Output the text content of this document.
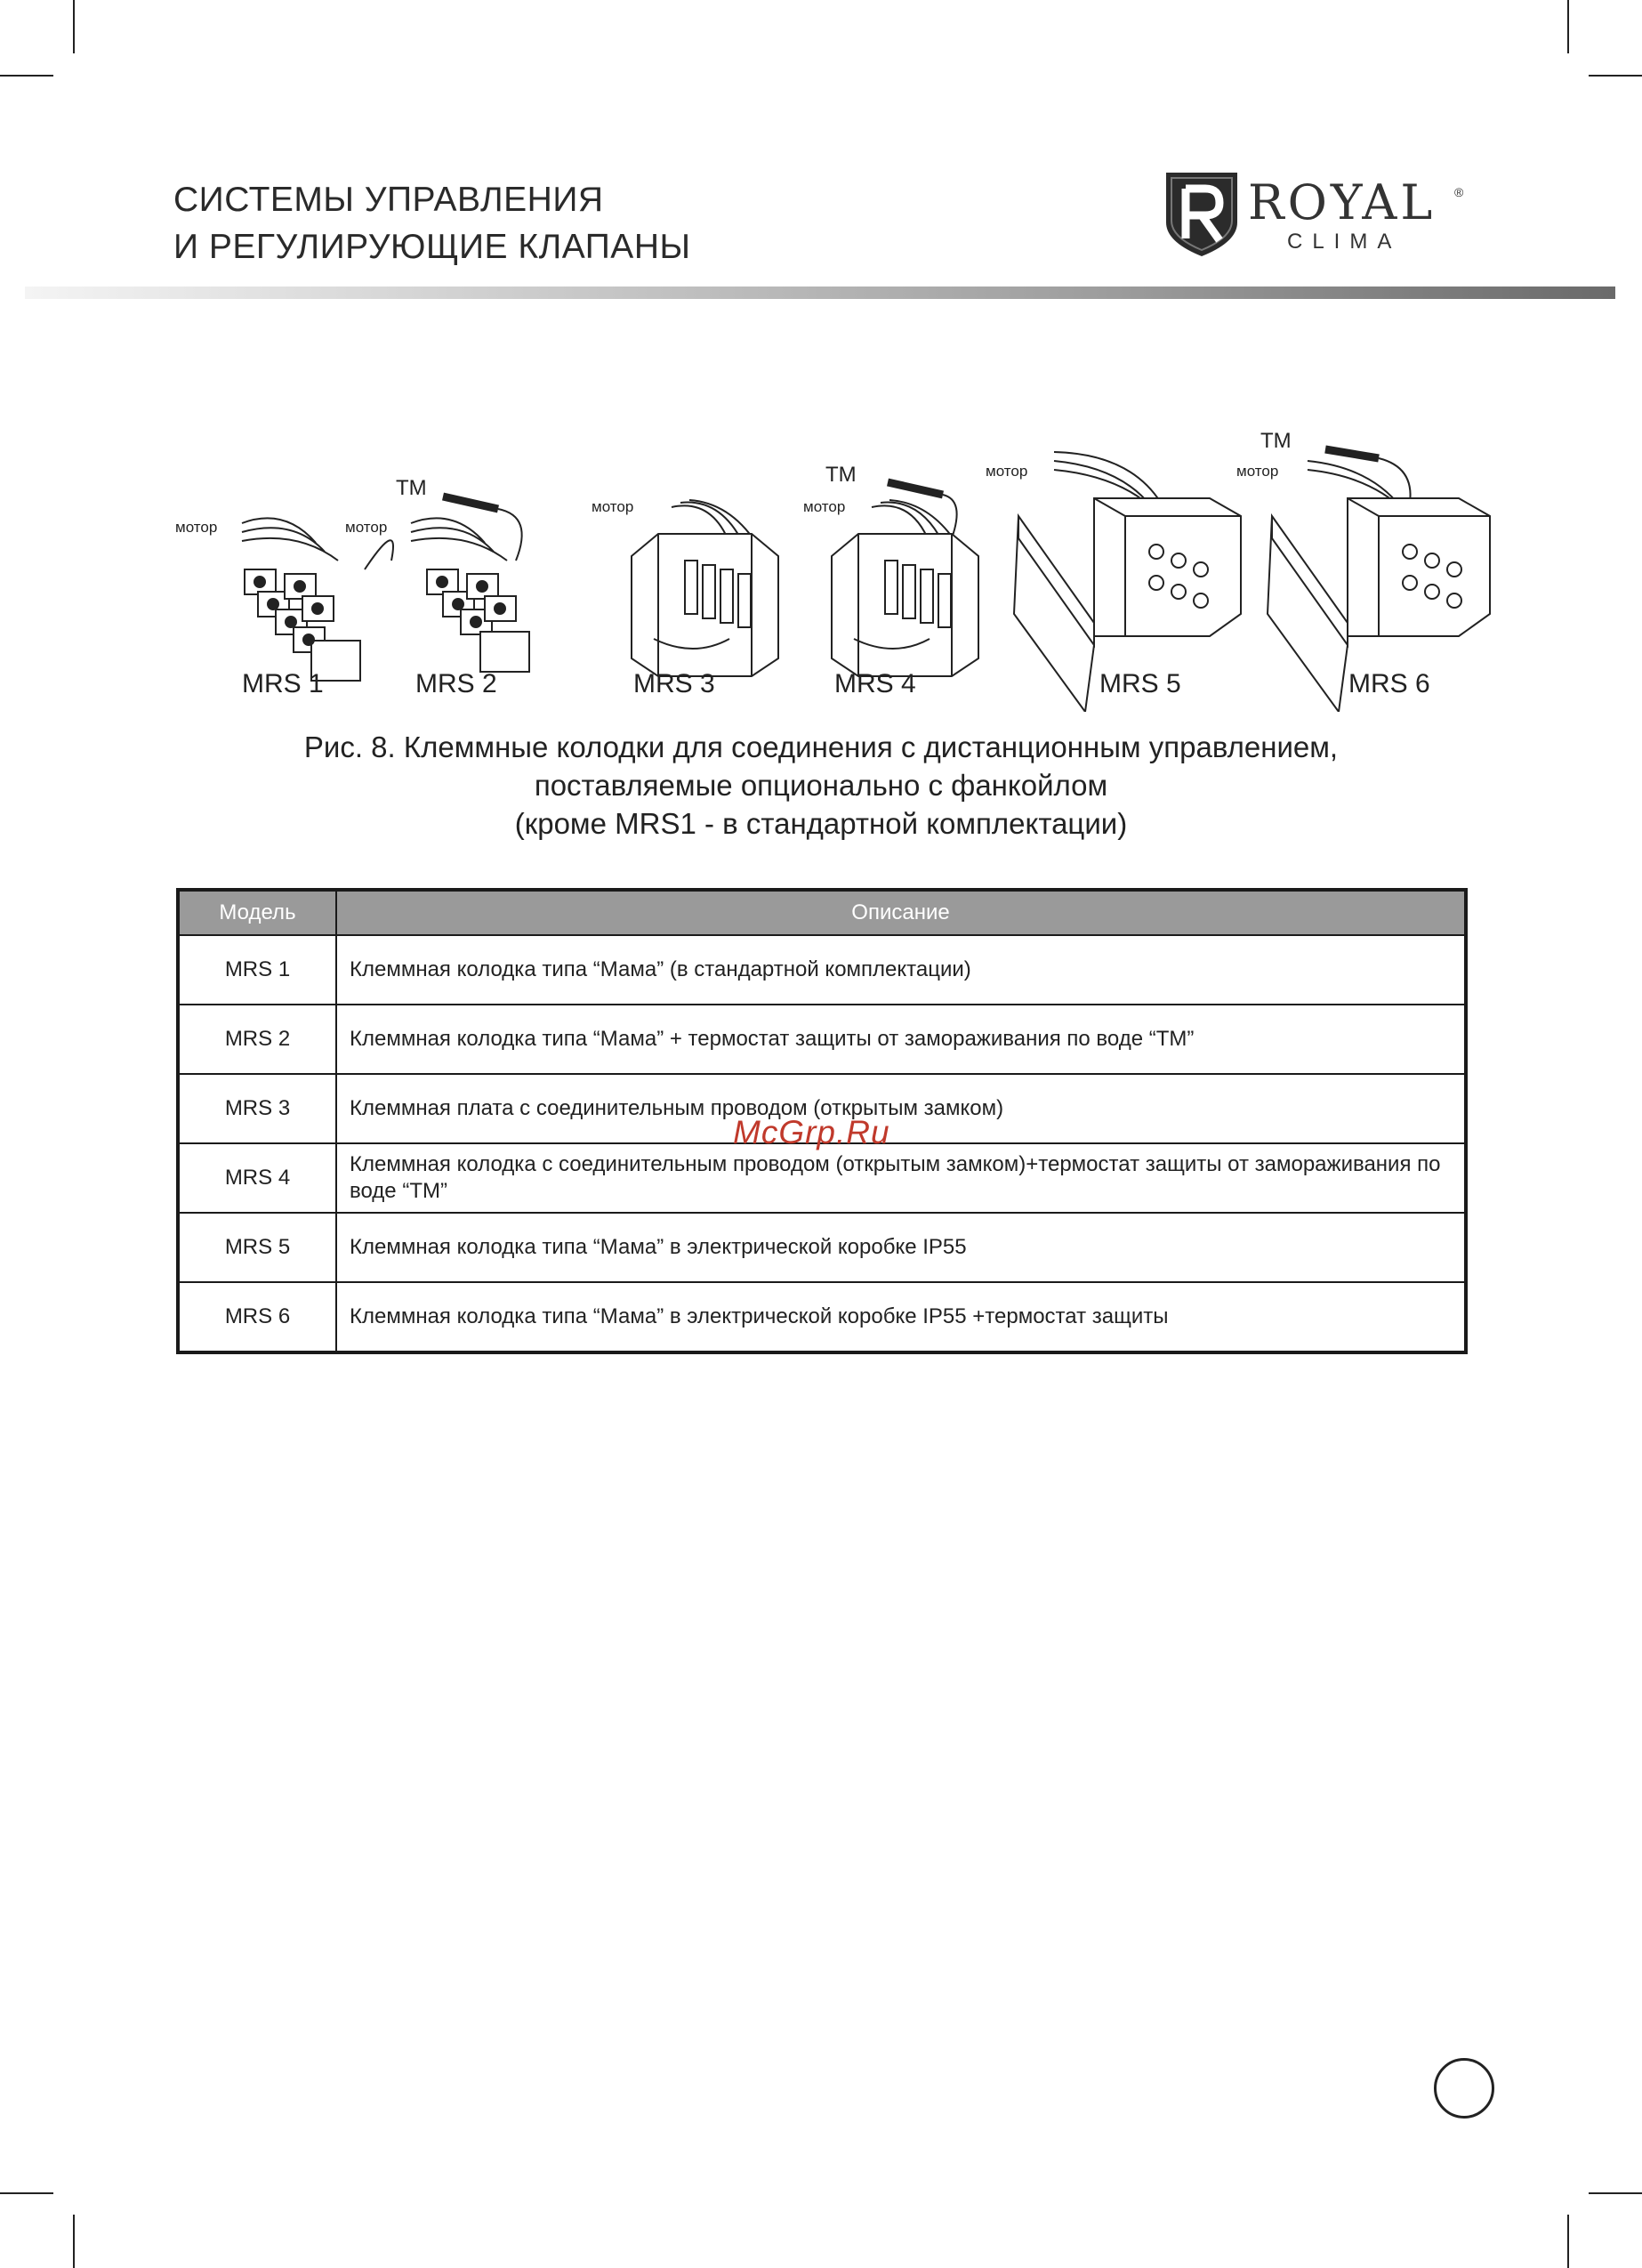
СИСТЕМЫ УПРАВЛЕНИЯ
И РЕГУЛИРУЮЩИЕ КЛАПАНЫ
ROYAL ®
CLIMA
мотор	мотор
ТМ
мотор	мотор
ТМ	мотор	мотор
ТМ
MRS 1	MRS 2	MRS 3	MRS 4	MRS 5	MRS 6
Рис. 8. Клеммные колодки для соединения с дистанционным управлением,
поставляемые опционально с фанкойлом
(кроме MRS1 - в стандартной комплектации)
Модель	Описание
MRS 1	Клеммная колодка типа “Мама” (в стандартной комплектации)
MRS 2	Клеммная колодка типа “Мама” + термостат защиты от замораживания по воде “ТМ”
MRS 3	Клеммная плата с соединительным проводом (открытым замком)
MRS 4	Клеммная колодка с соединительным проводом (открытым замком)+термостат защиты от замораживания по воде “ТМ”
MRS 5	Клеммная колодка типа “Мама” в электрической коробке IP55
MRS 6	Клеммная колодка типа “Мама” в электрической коробке IP55 +термостат защиты
McGrp.Ru
